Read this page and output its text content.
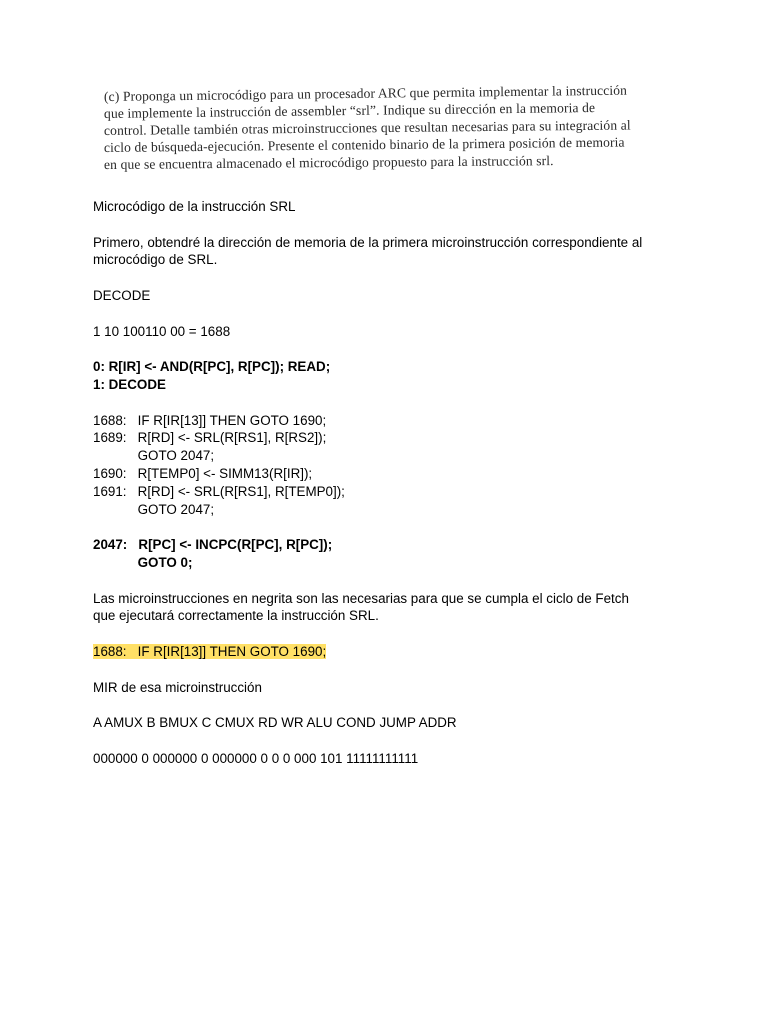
(c) Proponga un microcódigo para un procesador ARC que permita implementar la instrucción
que implemente la instrucción de assembler “srl”. Indique su dirección en la memoria de
control. Detalle también otras microinstrucciones que resultan necesarias para su integración al
ciclo de búsqueda-ejecución. Presente el contenido binario de la primera posición de memoria
en que se encuentra almacenado el microcódigo propuesto para la instrucción srl.

Microcódigo de la instrucción SRL

Primero, obtendré la dirección de memoria de la primera microinstrucción correspondiente al

microcódigo de SRL.

DECODE

1 10 100110 00 = 1688

0: R[IR] <- AND(R[PC], R[PC]); READ;

1: DECODE

1688:   IF R[IR[13]] THEN GOTO 1690;

1689:   R[RD] <- SRL(R[RS1], R[RS2]);

GOTO 2047;

1690:   R[TEMP0] <- SIMM13(R[IR]);

1691:   R[RD] <- SRL(R[RS1], R[TEMP0]);

GOTO 2047;

2047:   R[PC] <- INCPC(R[PC], R[PC]);

GOTO 0;

Las microinstrucciones en negrita son las necesarias para que se cumpla el ciclo de Fetch

que ejecutará correctamente la instrucción SRL.

1688:   IF R[IR[13]] THEN GOTO 1690;

MIR de esa microinstrucción

A AMUX B BMUX C CMUX RD WR ALU COND JUMP ADDR

000000 0 000000 0 000000 0 0 0 000 101 11111111111
